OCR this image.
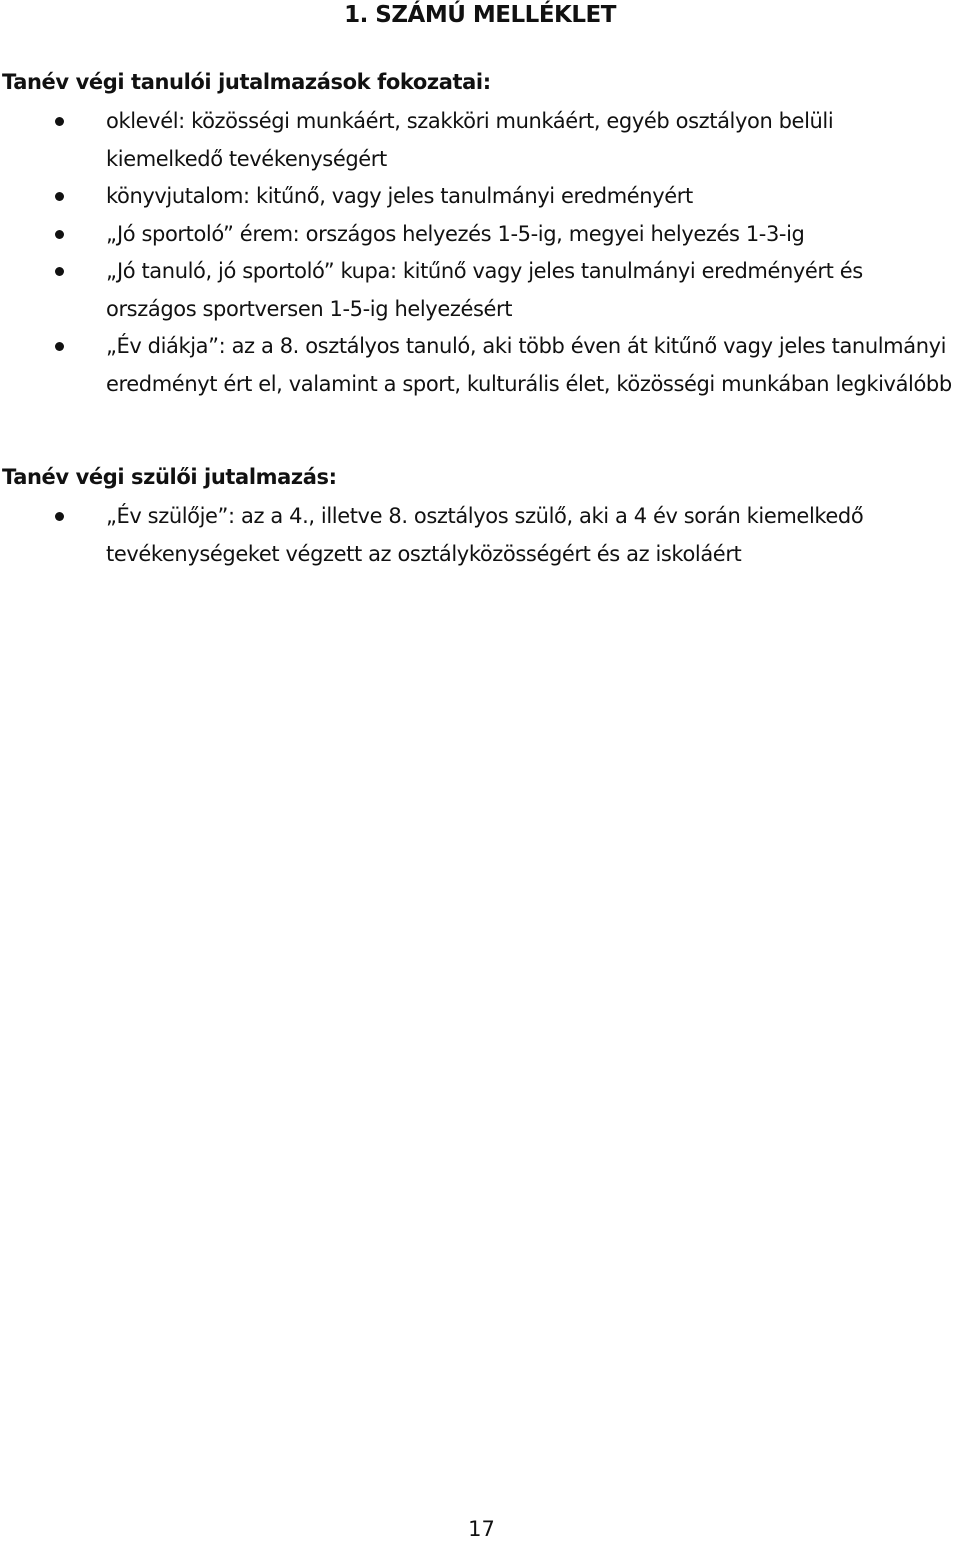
1. SZÁMÚ MELLÉKLET
Tanév végi tanulói jutalmazások fokozatai:
oklevél: közösségi munkáért, szakköri munkáért, egyéb osztályon belüli kiemelkedő tevékenységért
könyvjutalom: kitűnő, vagy jeles tanulmányi eredményért
„Jó sportoló” érem: országos helyezés 1-5-ig, megyei helyezés 1-3-ig
„Jó tanuló, jó sportoló” kupa: kitűnő vagy jeles tanulmányi eredményért és országos sportversen 1-5-ig helyezésért
„Év diákja”: az a 8. osztályos tanuló, aki több éven át kitűnő vagy jeles tanulmányi eredményt ért el, valamint a sport, kulturális élet, közösségi munkában legkiválóbb
Tanév végi szülői jutalmazás:
„Év szülője”: az a 4., illetve 8. osztályos szülő, aki a 4 év során kiemelkedő tevékenységeket végzett az osztályközösségért és az iskoláért
17
